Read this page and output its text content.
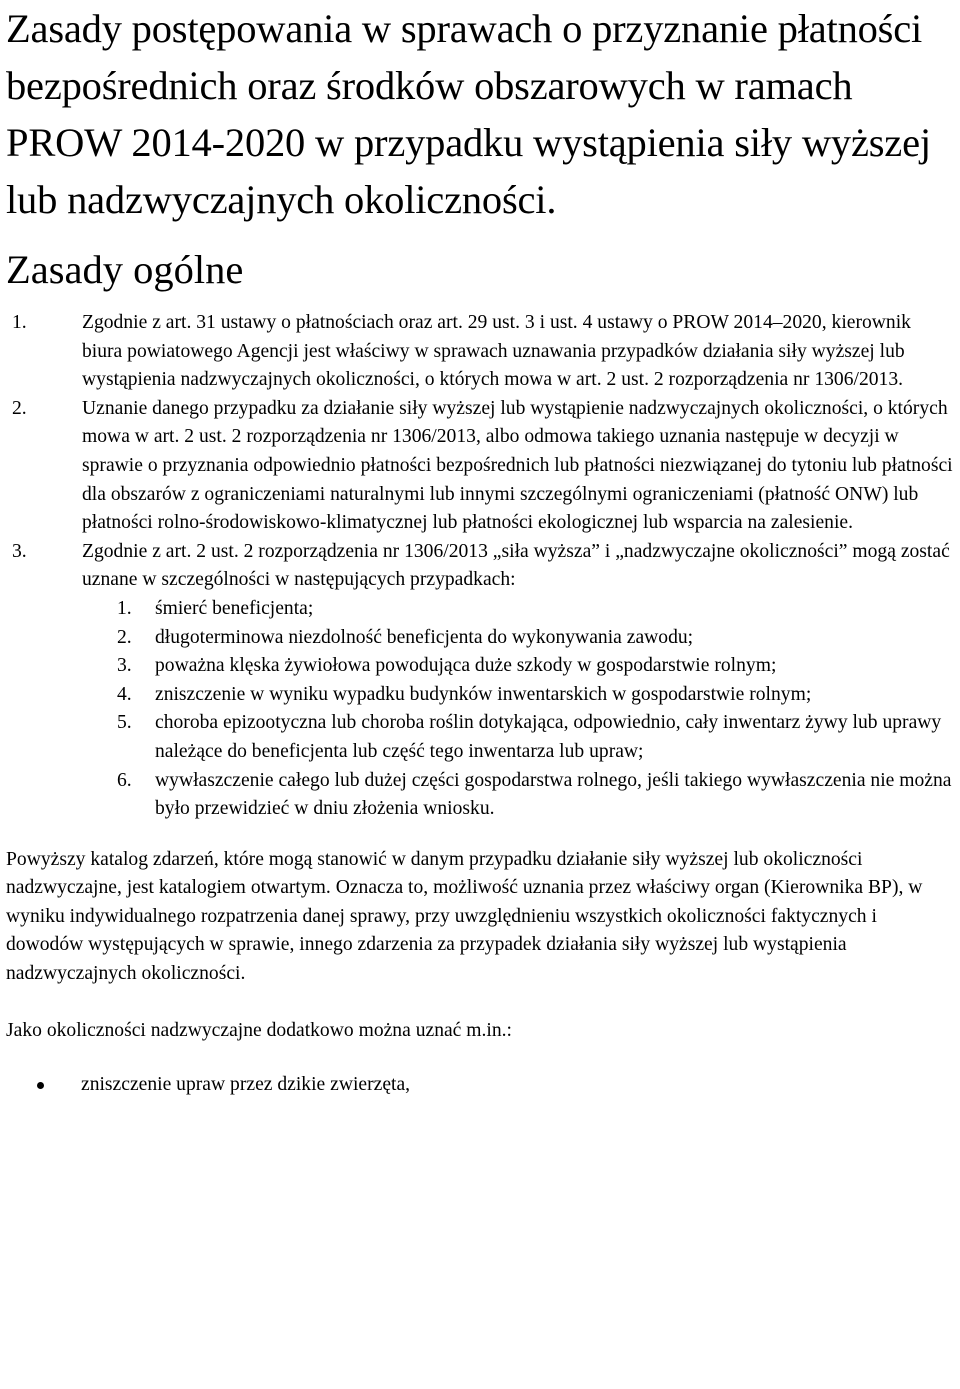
Zasady postępowania w sprawach o przyznanie płatności bezpośrednich oraz środków obszarowych w ramach PROW 2014-2020 w przypadku wystąpienia siły wyższej lub nadzwyczajnych okoliczności.
Zasady ogólne
1.	Zgodnie z art. 31 ustawy o płatnościach oraz art. 29 ust. 3 i ust. 4 ustawy o PROW 2014–2020, kierownik biura powiatowego Agencji jest właściwy w sprawach uznawania przypadków działania siły wyższej lub wystąpienia nadzwyczajnych okoliczności, o których mowa w art. 2 ust. 2 rozporządzenia nr 1306/2013.
2.	Uznanie danego przypadku za działanie siły wyższej lub wystąpienie nadzwyczajnych okoliczności, o których mowa w art. 2 ust. 2 rozporządzenia nr 1306/2013, albo odmowa takiego uznania następuje w decyzji w sprawie o przyznania odpowiednio płatności bezpośrednich lub płatności niezwiązanej do tytoniu lub płatności dla obszarów z ograniczeniami naturalnymi lub innymi szczególnymi ograniczeniami (płatność ONW) lub płatności rolno-środowiskowo-klimatycznej lub płatności ekologicznej lub wsparcia na zalesienie.
3.	Zgodnie z art. 2 ust. 2 rozporządzenia nr 1306/2013 „siła wyższa” i „nadzwyczajne okoliczności” mogą zostać uznane w szczególności w następujących przypadkach:
1.	śmierć beneficjenta;
2.	długoterminowa niezdolność beneficjenta do wykonywania zawodu;
3.	poważna klęska żywiołowa powodująca duże szkody w gospodarstwie rolnym;
4.	zniszczenie w wyniku wypadku budynków inwentarskich w gospodarstwie rolnym;
5.	choroba epizootyczna lub choroba roślin dotykająca, odpowiednio, cały inwentarz żywy lub uprawy należące do beneficjenta lub część tego inwentarza lub upraw;
6.	wywłaszczenie całego lub dużej części gospodarstwa rolnego, jeśli takiego wywłaszczenia nie można było przewidzieć w dniu złożenia wniosku.

Powyższy katalog zdarzeń, które mogą stanowić w danym przypadku działanie siły wyższej lub okoliczności nadzwyczajne, jest katalogiem otwartym. Oznacza to, możliwość uznania przez właściwy organ (Kierownika BP), w wyniku indywidualnego rozpatrzenia danej sprawy, przy uwzględnieniu wszystkich okoliczności faktycznych i dowodów występujących w sprawie, innego zdarzenia za przypadek działania siły wyższej lub wystąpienia nadzwyczajnych okoliczności.

Jako okoliczności nadzwyczajne dodatkowo można uznać m.in.:

zniszczenie upraw przez dzikie zwierzęta,
